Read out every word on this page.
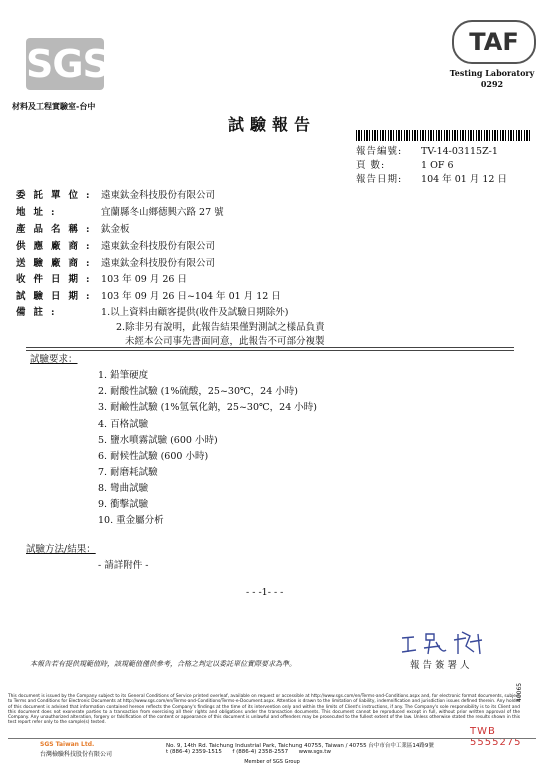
SGS	TAF
Testing Laboratory
0292
材料及工程實驗室-台中
試驗報告
報告編號: TV-14-03115Z-1
頁 數:	1 OF 6
報告日期: 104 年 01 月 12 日
委託單位: 遠東鈦金科技股份有限公司
地址:	宜蘭縣冬山鄉德興六路 27 號
產品名稱: 鈦金板
供應廠商: 遠東鈦金科技股份有限公司
送驗廠商: 遠東鈦金科技股份有限公司
收件日期: 103 年 09 月 26 日
試驗日期: 103 年 09 月 26 日~104 年 01 月 12 日
備註:	1.以上資料由顧客提供(收件及試驗日期除外)
2.除非另有說明，此報告結果僅對測試之樣品負責
未經本公司事先書面同意，此報告不可部分複製
試驗要求：
1. 鉛筆硬度
2. 耐酸性試驗 (1%硫酸，25~30℃，24 小時)
3. 耐鹼性試驗 (1%氫氧化鈉，25~30℃，24 小時)
4. 百格試驗
5. 鹽水噴霧試驗 (600 小時)
6. 耐候性試驗 (600 小時)
7. 耐磨耗試驗
8. 彎曲試驗
9. 衝擊試驗
10. 重金屬分析
試驗方法/結果：
- 請詳附件 -
- - -1- - -
本報告若有提供規範值時，該規範值僅供參考，合格之判定以委託單位實際要求為準。	報告簽署人
This document is issued by the Company subject to its General Conditions of Service printed overleaf, available on request or accessible at http://www.sgs.com/en/Terms-and-Conditions.aspx and, for electronic format documents, subject to Terms and Conditions for Electronic Documents at http://www.sgs.com/en/Terms-and-Conditions/Terms-e-Document.aspx. Attention is drawn to the limitation of liability, indemnification and jurisdiction issues defined therein. Any holder of this document is advised that information contained hereon reflects the Company's findings at the time of its intervention only and within the limits of Client's instructions, if any. The Company's sole responsibility is to its Client and this document does not exonerate parties to a transaction from exercising all their rights and obligations under the transaction documents. This document cannot be reproduced except in full, without prior written approval of the Company. Any unauthorized alteration, forgery or falsification of the content or appearance of this document is unlawful and offenders may be prosecuted to the fullest extent of the law. Unless otherwise stated the results shown in this test report refer only to the sample(s) tested.
TWB 5555275
40065
SGS Taiwan Ltd.
台灣檢驗科技股份有限公司
No. 9, 14th Rd. Taichung Industrial Park, Taichung 40755, Taiwan / 40755 台中市台中工業區14路9號
t (886-4) 2359-1515 f (886-4) 2358-2557 www.sgs.tw
Member of SGS Group
